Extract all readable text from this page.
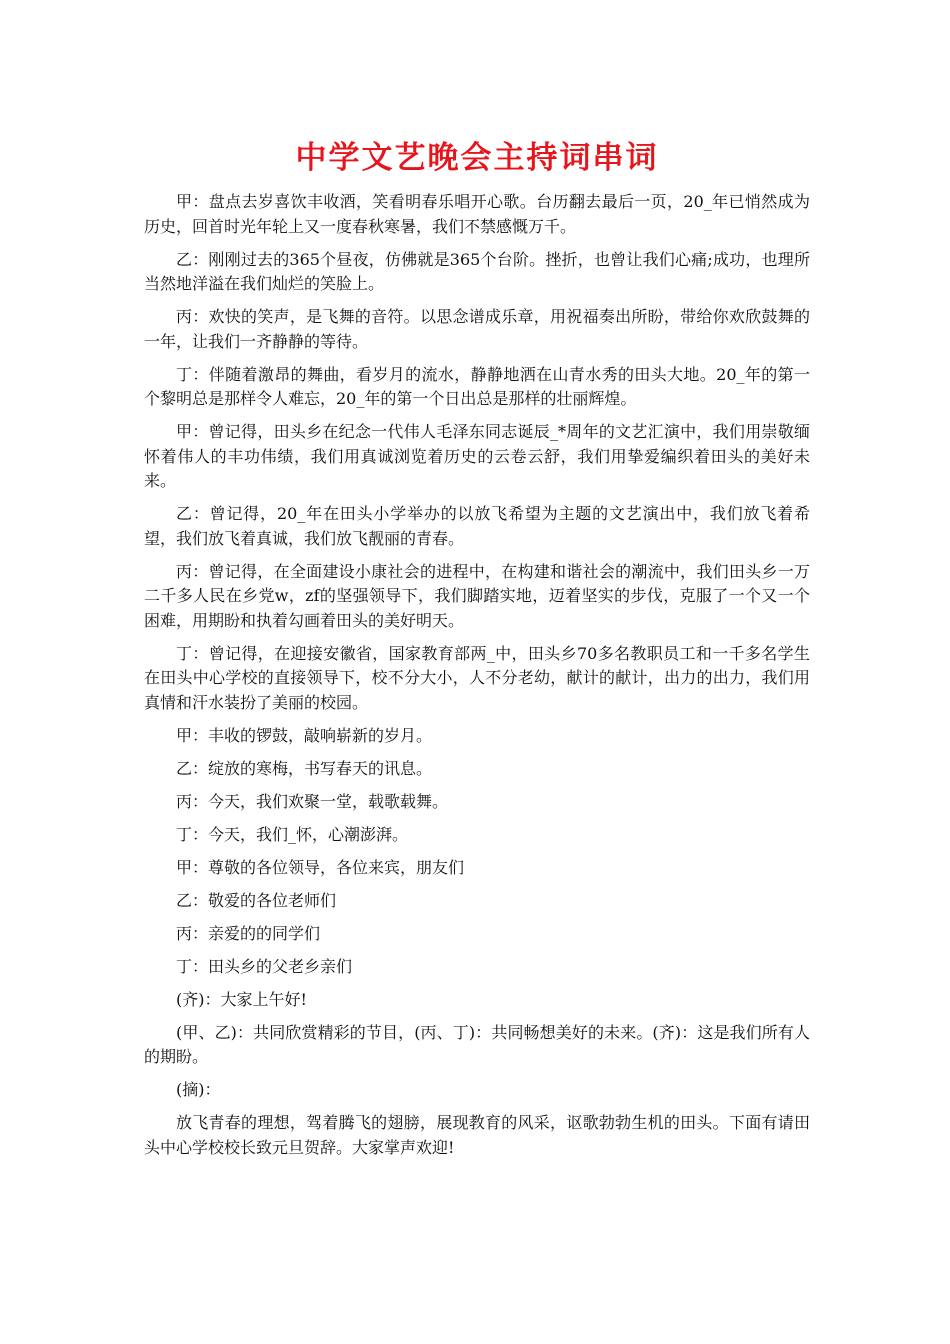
中学文艺晚会主持词串词

甲：盘点去岁喜饮丰收酒，笑看明春乐唱开心歌。台历翻去最后一页，20_年已悄然成为历史，回首时光年轮上又一度春秋寒暑，我们不禁感慨万千。

乙：刚刚过去的365个昼夜，仿佛就是365个台阶。挫折，也曾让我们心痛;成功，也理所当然地洋溢在我们灿烂的笑脸上。

丙：欢快的笑声，是飞舞的音符。以思念谱成乐章，用祝福奏出所盼，带给你欢欣鼓舞的一年，让我们一齐静静的等待。

丁：伴随着激昂的舞曲，看岁月的流水，静静地洒在山青水秀的田头大地。20_年的第一个黎明总是那样令人难忘，20_年的第一个日出总是那样的壮丽辉煌。

甲：曾记得，田头乡在纪念一代伟人毛泽东同志诞辰_*周年的文艺汇演中，我们用崇敬缅怀着伟人的丰功伟绩，我们用真诚浏览着历史的云卷云舒，我们用挚爱编织着田头的美好未来。

乙：曾记得，20_年在田头小学举办的以放飞希望为主题的文艺演出中，我们放飞着希望，我们放飞着真诚，我们放飞靓丽的青春。

丙：曾记得，在全面建设小康社会的进程中，在构建和谐社会的潮流中，我们田头乡一万二千多人民在乡党w，zf的坚强领导下，我们脚踏实地，迈着坚实的步伐，克服了一个又一个困难，用期盼和执着勾画着田头的美好明天。

丁：曾记得，在迎接安徽省，国家教育部两_中，田头乡70多名教职员工和一千多名学生在田头中心学校的直接领导下，校不分大小，人不分老幼，献计的献计，出力的出力，我们用真情和汗水装扮了美丽的校园。

甲：丰收的锣鼓，敲响崭新的岁月。

乙：绽放的寒梅，书写春天的讯息。

丙：今天，我们欢聚一堂，载歌载舞。

丁：今天，我们_怀，心潮澎湃。

甲：尊敬的各位领导，各位来宾，朋友们

乙：敬爱的各位老师们

丙：亲爱的的同学们

丁：田头乡的父老乡亲们

(齐)：大家上午好!

(甲、乙)：共同欣赏精彩的节目，(丙、丁)：共同畅想美好的未来。(齐)：这是我们所有人的期盼。

(摘)：

放飞青春的理想，驾着腾飞的翅膀，展现教育的风采，讴歌勃勃生机的田头。下面有请田头中心学校校长致元旦贺辞。大家掌声欢迎!
